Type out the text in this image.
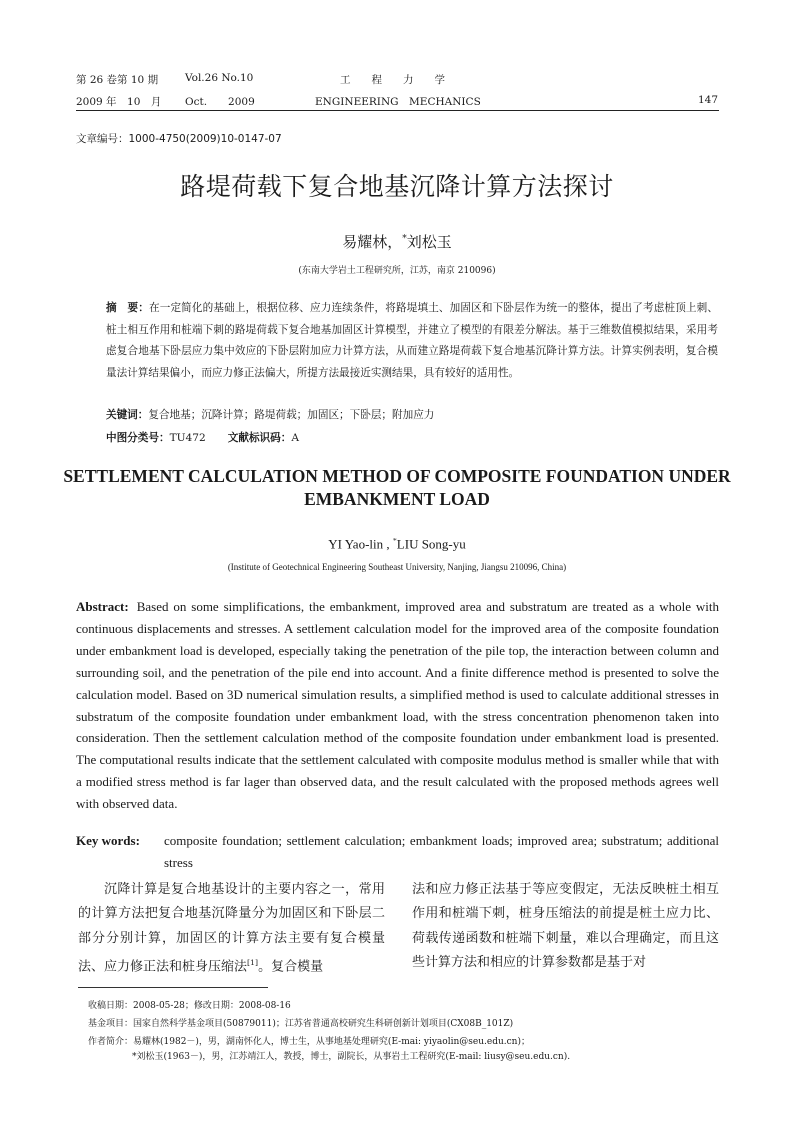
第 26 卷第 10 期	Vol.26 No.10	工　　程　　力　　学
2009 年　10　月 Oct.　　2009	ENGINEERING　MECHANICS	147
文章编号：1000-4750(2009)10-0147-07
路堤荷载下复合地基沉降计算方法探讨
易耀林，*刘松玉
(东南大学岩土工程研究所，江苏，南京 210096)
摘　要：在一定简化的基础上，根据位移、应力连续条件，将路堤填土、加固区和下卧层作为统一的整体，提出了考虑桩顶上刺、桩土相互作用和桩端下刺的路堤荷载下复合地基加固区计算模型，并建立了模型的有限差分解法。基于三维数值模拟结果，采用考虑复合地基下卧层应力集中效应的下卧层附加应力计算方法，从而建立路堤荷载下复合地基沉降计算方法。计算实例表明，复合模量法计算结果偏小，而应力修正法偏大，所提方法最接近实测结果，具有较好的适用性。
关键词：复合地基；沉降计算；路堤荷载；加固区；下卧层；附加应力
中图分类号：TU472 文献标识码：A
SETTLEMENT CALCULATION METHOD OF COMPOSITE FOUNDATION UNDER EMBANKMENT LOAD
YI Yao-lin , *LIU Song-yu
(Institute of Geotechnical Engineering Southeast University, Nanjing, Jiangsu 210096, China)
Abstract: Based on some simplifications, the embankment, improved area and substratum are treated as a whole with continuous displacements and stresses. A settlement calculation model for the improved area of the composite foundation under embankment load is developed, especially taking the penetration of the pile top, the interaction between column and surrounding soil, and the penetration of the pile end into account. And a finite difference method is presented to solve the calculation model. Based on 3D numerical simulation results, a simplified method is used to calculate additional stresses in substratum of the composite foundation under embankment load, with the stress concentration phenomenon taken into consideration. Then the settlement calculation method of the composite foundation under embankment load is presented. The computational results indicate that the settlement calculated with composite modulus method is smaller while that with a modified stress method is far lager than observed data, and the result calculated with the proposed methods agrees well with observed data.
Key words: composite foundation; settlement calculation; embankment loads; improved area; substratum; additional stress
沉降计算是复合地基设计的主要内容之一，常用的计算方法把复合地基沉降量分为加固区和下卧层二部分分别计算，加固区的计算方法主要有复合模量法、应力修正法和桩身压缩法[1]。复合模量
法和应力修正法基于等应变假定，无法反映桩土相互作用和桩端下刺，桩身压缩法的前提是桩土应力比、荷载传递函数和桩端下刺量，难以合理确定，而且这些计算方法和相应的计算参数都是基于对
收稿日期：2008-05-28；修改日期：2008-08-16
基金项目：国家自然科学基金项目(50879011)；江苏省普通高校研究生科研创新计划项目(CX08B_101Z)
作者简介：易耀林(1982－)，男，湖南怀化人，博士生，从事地基处理研究(E-mai: yiyaolin@seu.edu.cn)；
*刘松玉(1963－)，男，江苏靖江人，教授，博士，副院长，从事岩土工程研究(E-mail: liusy@seu.edu.cn).
